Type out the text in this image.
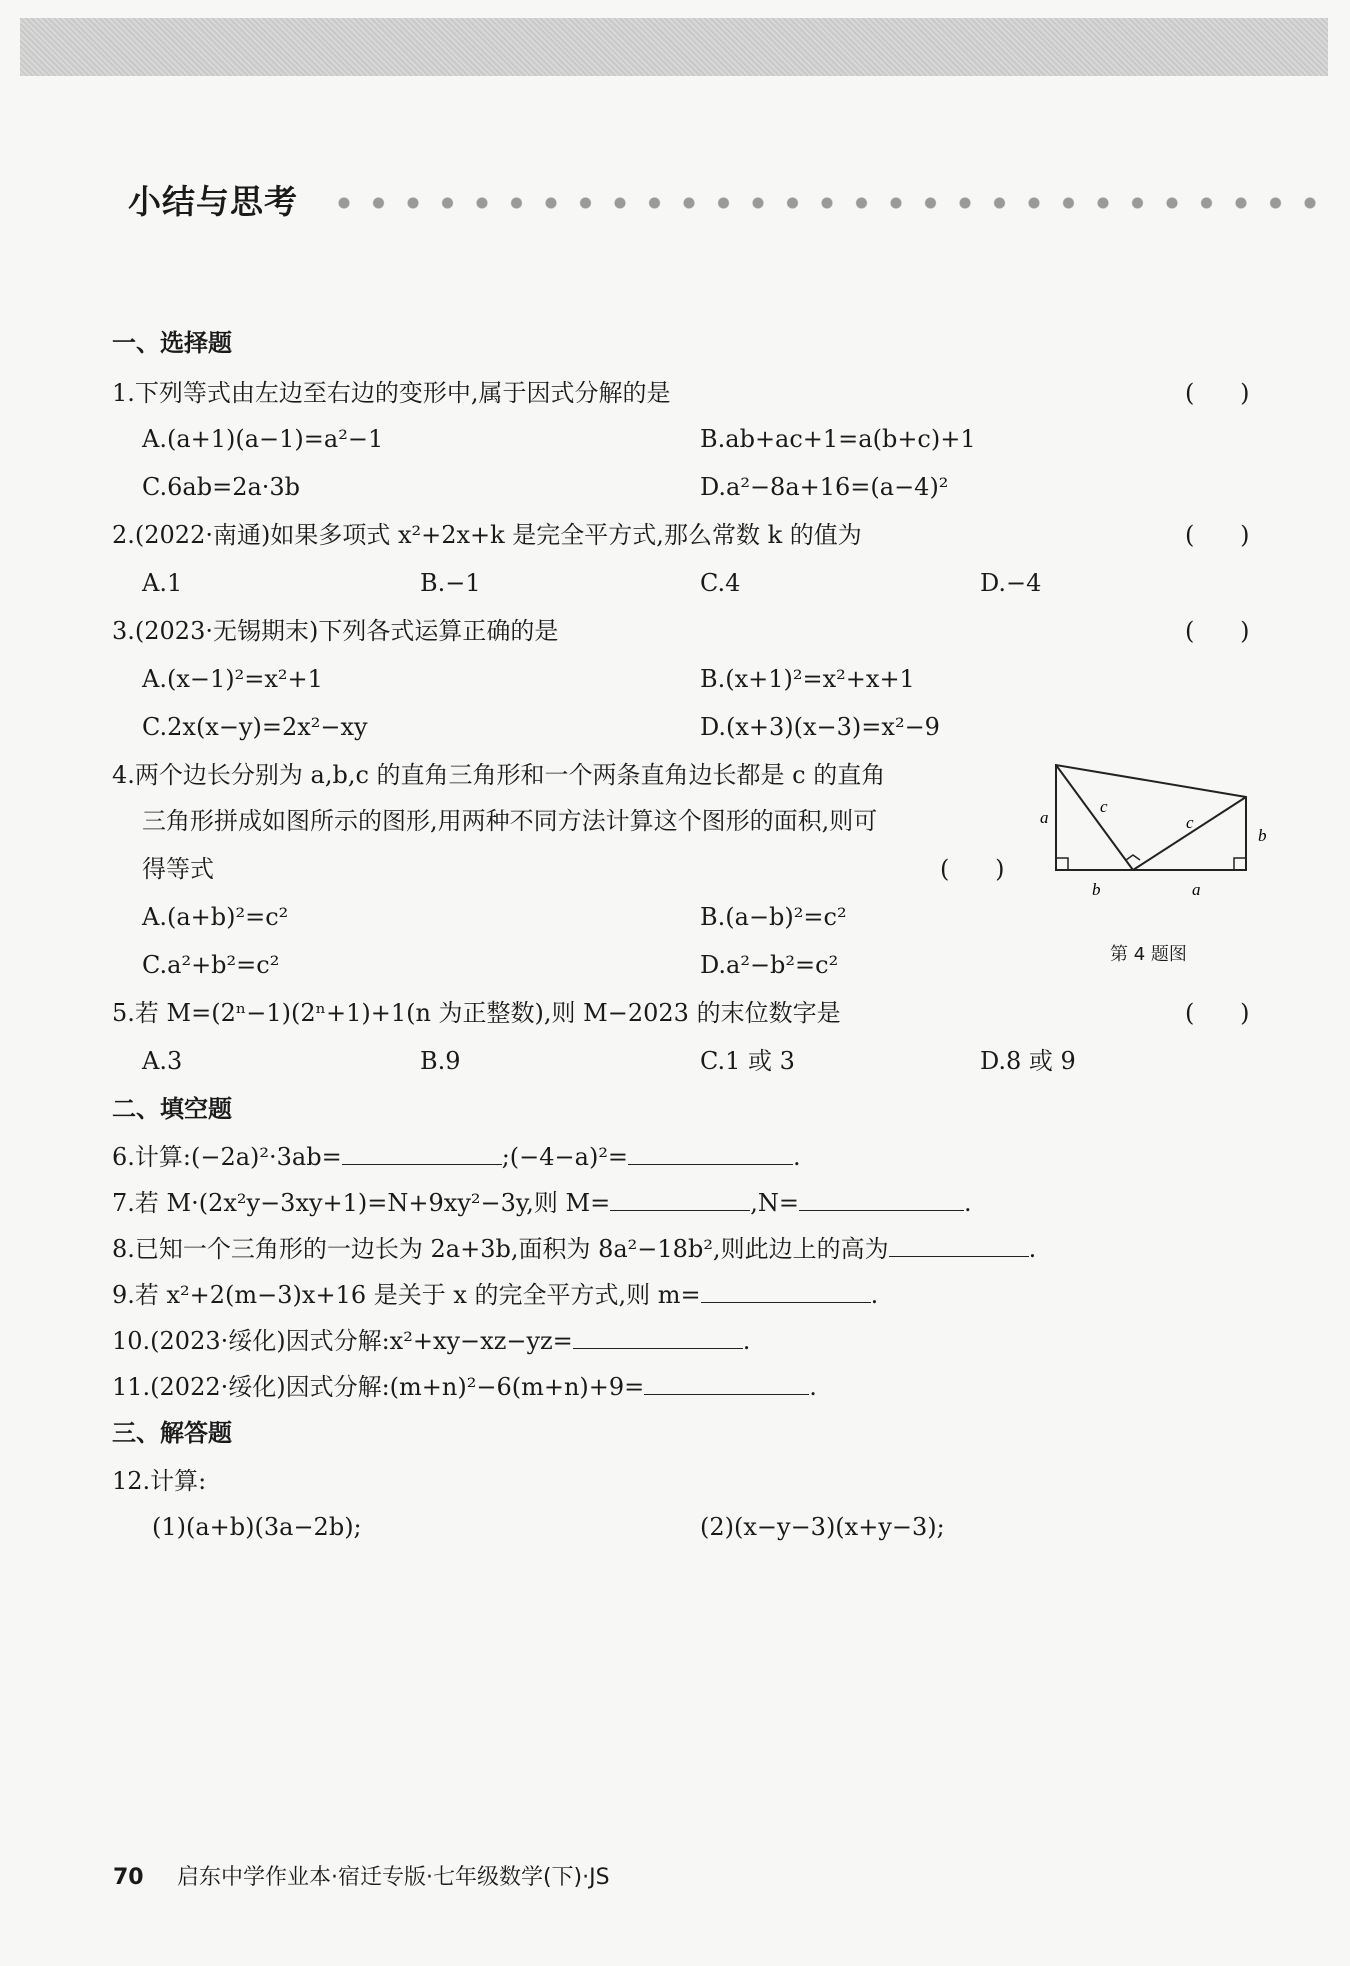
小结与思考
一、选择题
1.下列等式由左边至右边的变形中,属于因式分解的是	(      )
A.(a+1)(a−1)=a²−1	B.ab+ac+1=a(b+c)+1
C.6ab=2a·3b	D.a²−8a+16=(a−4)²
2.(2022·南通)如果多项式 x²+2x+k 是完全平方式,那么常数 k 的值为	(      )
A.1	B.−1	C.4	D.−4
3.(2023·无锡期末)下列各式运算正确的是	(      )
A.(x−1)²=x²+1	B.(x+1)²=x²+x+1
C.2x(x−y)=2x²−xy	D.(x+3)(x−3)=x²−9
4.两个边长分别为 a,b,c 的直角三角形和一个两条直角边长都是 c 的直角
三角形拼成如图所示的图形,用两种不同方法计算这个图形的面积,则可
得等式	(      )
A.(a+b)²=c²	B.(a−b)²=c²
C.a²+b²=c²	D.a²−b²=c²
a
b
b	a
c
c
第 4 题图
5.若 M=(2ⁿ−1)(2ⁿ+1)+1(n 为正整数),则 M−2023 的末位数字是	(      )
A.3	B.9	C.1 或 3	D.8 或 9
二、填空题
6.计算:(−2a)²·3ab=	;(−4−a)²=	.
7.若 M·(2x²y−3xy+1)=N+9xy²−3y,则 M=	,N=	.
8.已知一个三角形的一边长为 2a+3b,面积为 8a²−18b²,则此边上的高为	.
9.若 x²+2(m−3)x+16 是关于 x 的完全平方式,则 m=	.
10.(2023·绥化)因式分解:x²+xy−xz−yz=	.
11.(2022·绥化)因式分解:(m+n)²−6(m+n)+9=	.
三、解答题
12.计算:
(1)(a+b)(3a−2b);	(2)(x−y−3)(x+y−3);
70 启东中学作业本·宿迁专版·七年级数学(下)·JS
